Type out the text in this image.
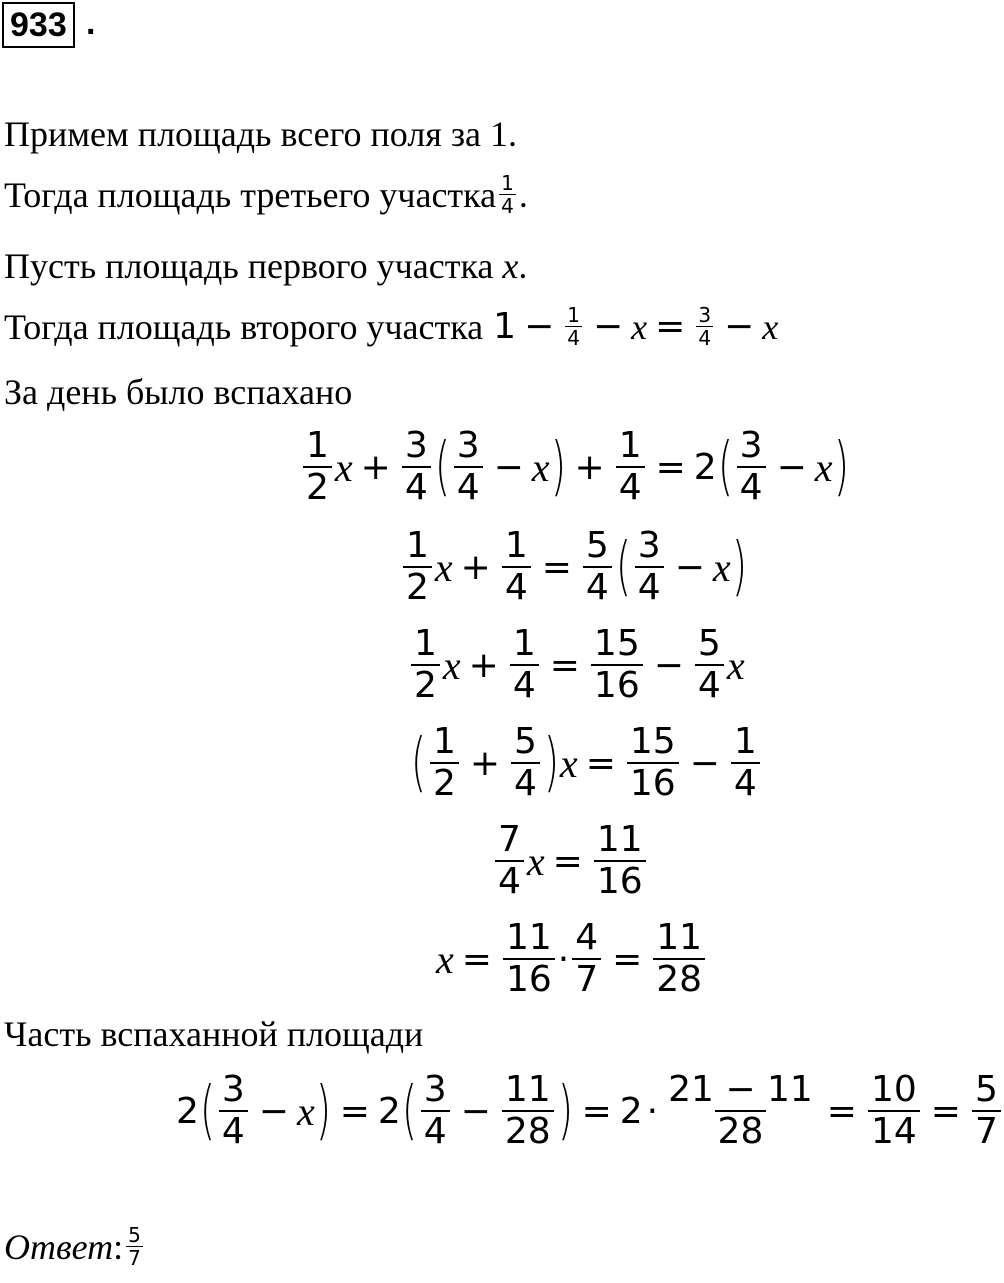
933 .
Примем площадь всего поля за 1.
Тогда площадь третьего участка $\frac{1}{4}$ .
Пусть площадь первого участка x.
Тогда площадь второго участка $1 - \frac{1}{4} - x = \frac{3}{4} - x$
За день было вспахано
$\frac{1}{2}$ $x + \frac{3}{4}$ ( $\frac{3}{4} - x$ ) + $\frac{1}{4} = 2$ ( $\frac{3}{4} - x$ )
$\frac{1}{2}$ $x + \frac{1}{4} = \frac{5}{4}$ ( $\frac{3}{4} - x$ )
$\frac{1}{2}$ $x + \frac{1}{4} = \frac{15}{16} - \frac{5}{4}$ x
( $\frac{1}{2} + \frac{5}{4}$ ) $x = \frac{15}{16} - \frac{1}{4}$
$\frac{7}{4}$ $x = \frac{11}{16}$
$x = \frac{11}{16} \cdot \frac{4}{7} = \frac{11}{28}$
Часть вспаханной площади
2 ( $\frac{3}{4} - x$ ) = 2 ( $\frac{3}{4} - \frac{11}{28}$ ) = $2 \cdot \frac{21 - 11}{28} = \frac{10}{14} = \frac{5}{7}$
Ответ : $\frac{5}{7}$
